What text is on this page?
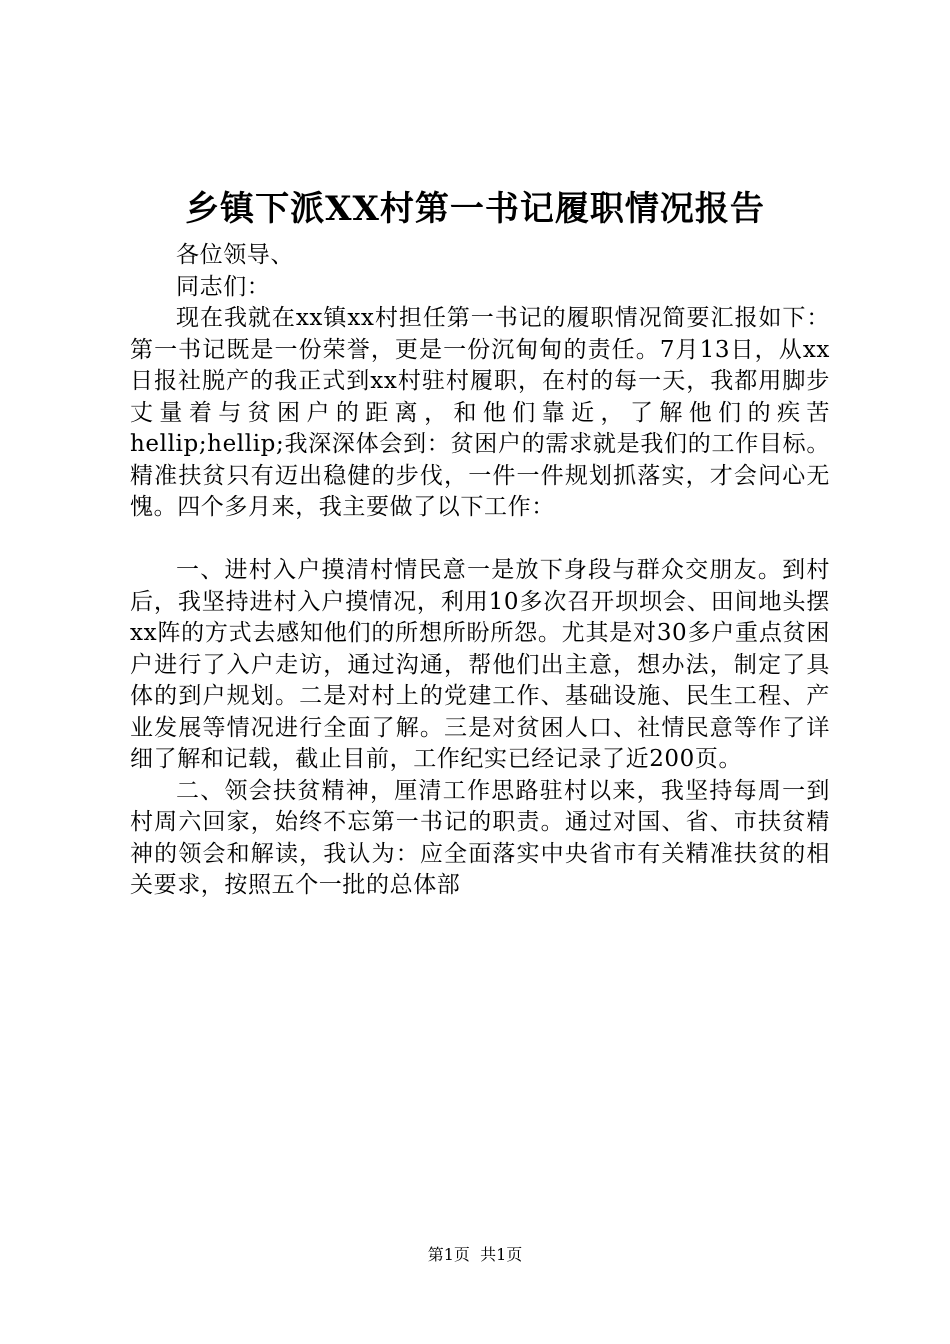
乡镇下派XX村第一书记履职情况报告

各位领导、

同志们：

现在我就在xx镇xx村担任第一书记的履职情况简要汇报如下：第一书记既是一份荣誉，更是一份沉甸甸的责任。7月13日，从xx日报社脱产的我正式到xx村驻村履职，在村的每一天，我都用脚步丈量着与贫困户的距离，和他们靠近，了解他们的疾苦hellip;hellip;我深深体会到：贫困户的需求就是我们的工作目标。精准扶贫只有迈出稳健的步伐，一件一件规划抓落实，才会问心无愧。四个多月来，我主要做了以下工作：

一、进村入户摸清村情民意一是放下身段与群众交朋友。到村后，我坚持进村入户摸情况，利用10多次召开坝坝会、田间地头摆xx阵的方式去感知他们的所想所盼所怨。尤其是对30多户重点贫困户进行了入户走访，通过沟通，帮他们出主意，想办法，制定了具体的到户规划。二是对村上的党建工作、基础设施、民生工程、产业发展等情况进行全面了解。三是对贫困人口、社情民意等作了详细了解和记载，截止目前，工作纪实已经记录了近200页。

二、领会扶贫精神，厘清工作思路驻村以来，我坚持每周一到村周六回家，始终不忘第一书记的职责。通过对国、省、市扶贫精神的领会和解读，我认为：应全面落实中央省市有关精准扶贫的相关要求，按照五个一批的总体部

第1页  共1页
